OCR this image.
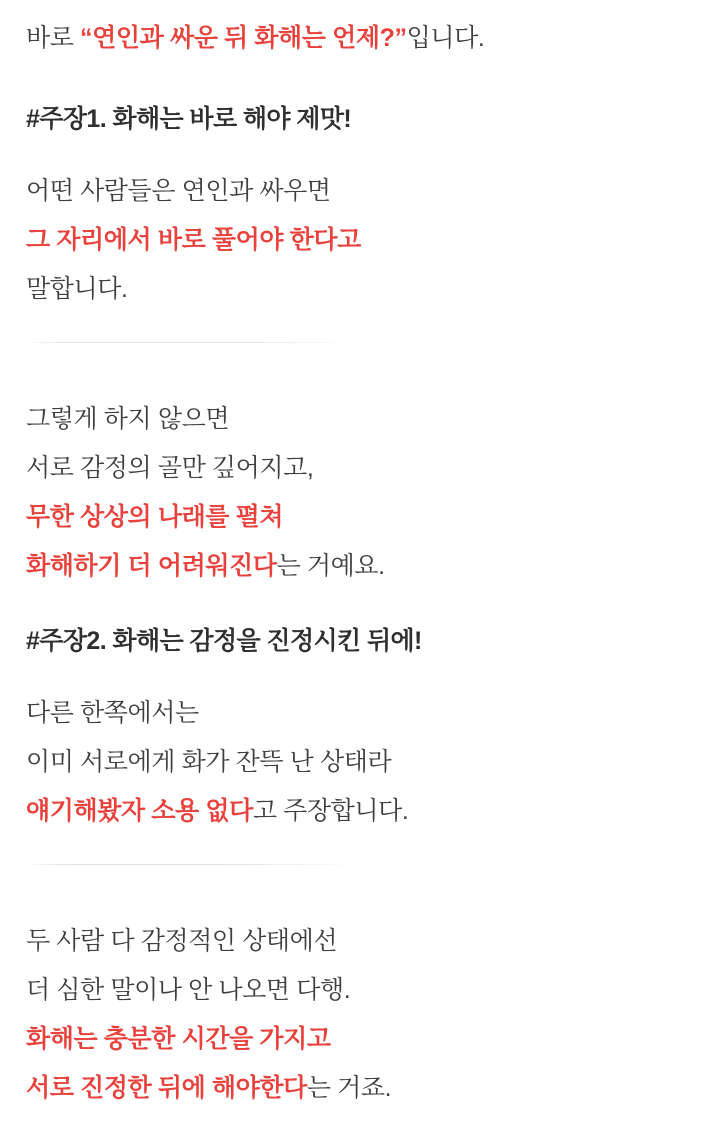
바로 “연인과 싸운 뒤 화해는 언제?”입니다.

#주장1. 화해는 바로 해야 제맛!

어떤 사람들은 연인과 싸우면
그 자리에서 바로 풀어야 한다고
말합니다.

그렇게 하지 않으면
서로 감정의 골만 깊어지고,
무한 상상의 나래를 펼쳐
화해하기 더 어려워진다는 거예요.

#주장2. 화해는 감정을 진정시킨 뒤에!

다른 한쪽에서는
이미 서로에게 화가 잔뜩 난 상태라
얘기해봤자 소용 없다고 주장합니다.

두 사람 다 감정적인 상태에선
더 심한 말이나 안 나오면 다행.
화해는 충분한 시간을 가지고
서로 진정한 뒤에 해야한다는 거죠.
